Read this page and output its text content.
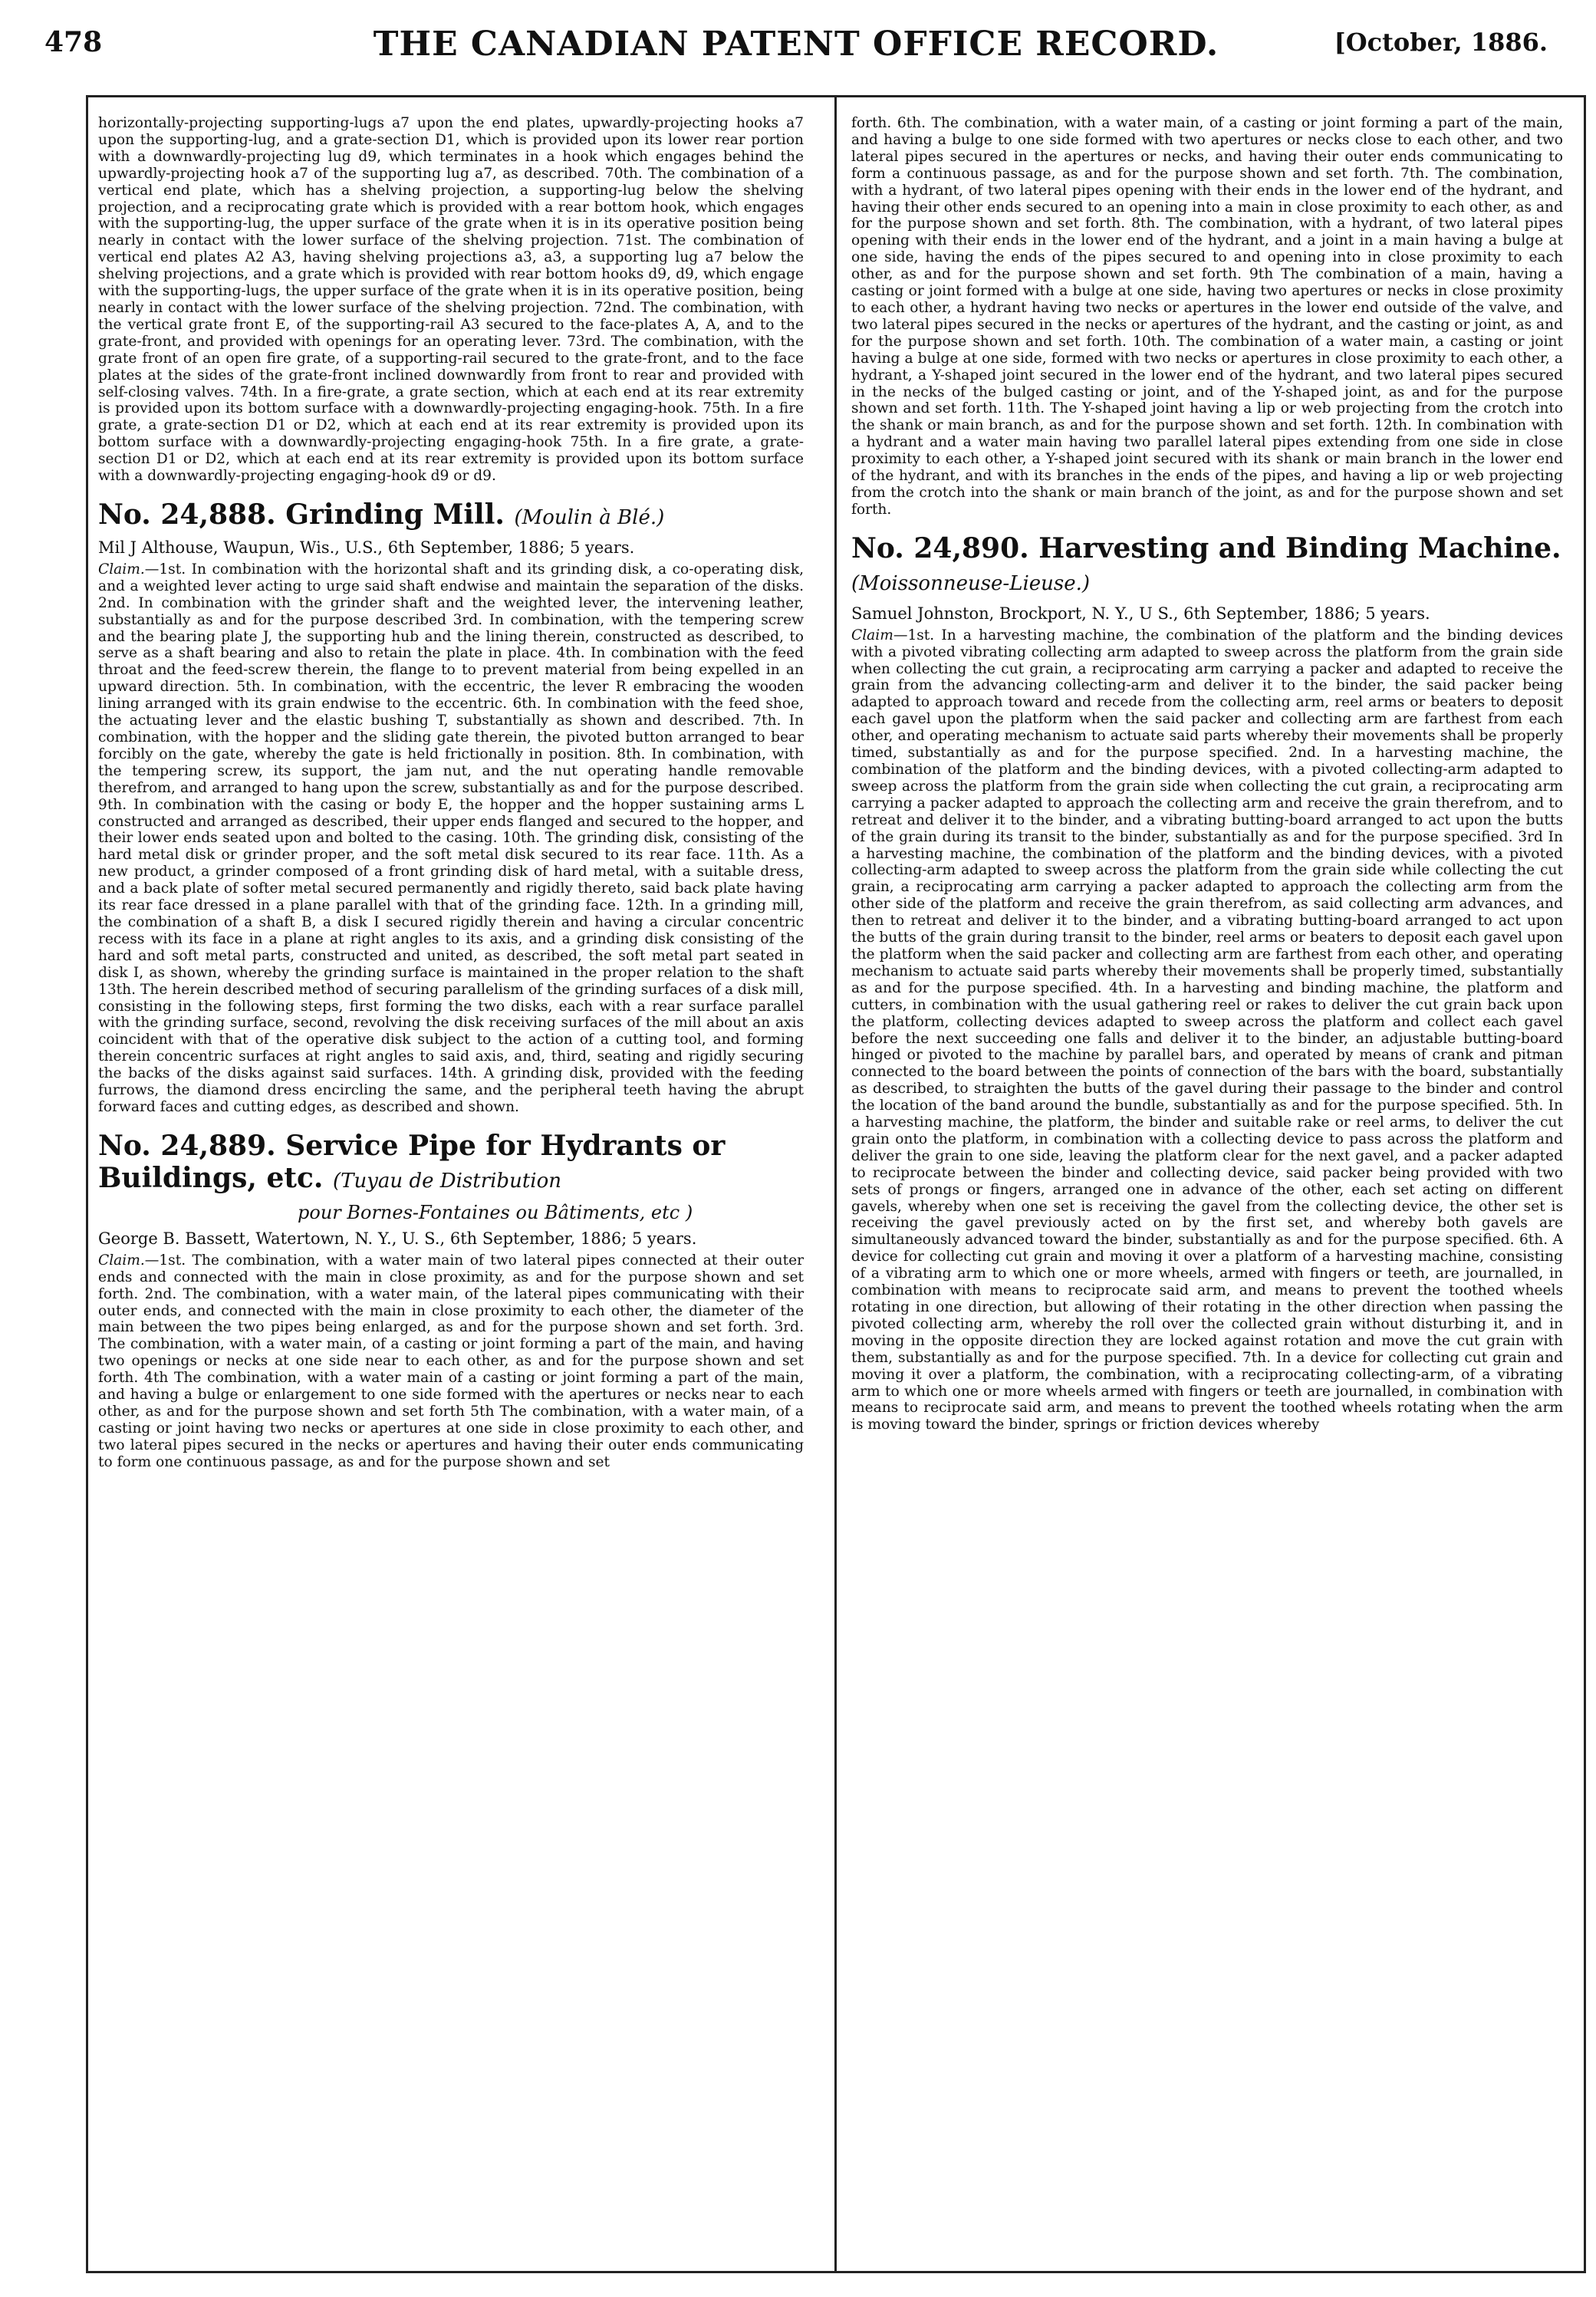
478	THE CANADIAN PATENT OFFICE RECORD.	[October, 1886.

horizontally-projecting supporting-lugs a7 upon the end plates, upwardly-projecting hooks a7 upon the supporting-lug, and a grate-section D1, which is provided upon its lower rear portion with a downwardly-projecting lug d9, which terminates in a hook which engages behind the upwardly-projecting hook a7 of the supporting lug a7, as described. 70th. The combination of a vertical end plate, which has a shelving projection, a supporting-lug below the shelving projection, and a reciprocating grate which is provided with a rear bottom hook, which engages with the supporting-lug, the upper surface of the grate when it is in its operative position being nearly in contact with the lower surface of the shelving projection. 71st. The combination of vertical end plates A2 A3, having shelving projections a3, a3, a supporting lug a7 below the shelving projections, and a grate which is provided with rear bottom hooks d9, d9, which engage with the supporting-lugs, the upper surface of the grate when it is in its operative position, being nearly in contact with the lower surface of the shelving projection. 72nd. The combination, with the vertical grate front E, of the supporting-rail A3 secured to the face-plates A, A, and to the grate-front, and provided with openings for an operating lever. 73rd. The combination, with the grate front of an open fire grate, of a supporting-rail secured to the grate-front, and to the face plates at the sides of the grate-front inclined downwardly from front to rear and provided with self-closing valves. 74th. In a fire-grate, a grate section, which at each end at its rear extremity is provided upon its bottom surface with a downwardly-projecting engaging-hook. 75th. In a fire grate, a grate-section D1 or D2, which at each end at its rear extremity is provided upon its bottom surface with a downwardly-projecting engaging-hook 75th. In a fire grate, a grate-section D1 or D2, which at each end at its rear extremity is provided upon its bottom surface with a downwardly-projecting engaging-hook d9 or d9.

No. 24,888. Grinding Mill. (Moulin à Blé.)

Mil J Althouse, Waupun, Wis., U.S., 6th September, 1886; 5 years.

Claim.—1st. In combination with the horizontal shaft and its grinding disk, a co-operating disk, and a weighted lever acting to urge said shaft endwise and maintain the separation of the disks. 2nd. In combination with the grinder shaft and the weighted lever, the intervening leather, substantially as and for the purpose described 3rd. In combination, with the tempering screw and the bearing plate J, the supporting hub and the lining therein, constructed as described, to serve as a shaft bearing and also to retain the plate in place. 4th. In combination with the feed throat and the feed-screw therein, the flange to to prevent material from being expelled in an upward direction. 5th. In combination, with the eccentric, the lever R embracing the wooden lining arranged with its grain endwise to the eccentric. 6th. In combination with the feed shoe, the actuating lever and the elastic bushing T, substantially as shown and described. 7th. In combination, with the hopper and the sliding gate therein, the pivoted button arranged to bear forcibly on the gate, whereby the gate is held frictionally in position. 8th. In combination, with the tempering screw, its support, the jam nut, and the nut operating handle removable therefrom, and arranged to hang upon the screw, substantially as and for the purpose described. 9th. In combination with the casing or body E, the hopper and the hopper sustaining arms L constructed and arranged as described, their upper ends flanged and secured to the hopper, and their lower ends seated upon and bolted to the casing. 10th. The grinding disk, consisting of the hard metal disk or grinder proper, and the soft metal disk secured to its rear face. 11th. As a new product, a grinder composed of a front grinding disk of hard metal, with a suitable dress, and a back plate of softer metal secured permanently and rigidly thereto, said back plate having its rear face dressed in a plane parallel with that of the grinding face. 12th. In a grinding mill, the combination of a shaft B, a disk I secured rigidly therein and having a circular concentric recess with its face in a plane at right angles to its axis, and a grinding disk consisting of the hard and soft metal parts, constructed and united, as described, the soft metal part seated in disk I, as shown, whereby the grinding surface is maintained in the proper relation to the shaft 13th. The herein described method of securing parallelism of the grinding surfaces of a disk mill, consisting in the following steps, first forming the two disks, each with a rear surface parallel with the grinding surface, second, revolving the disk receiving surfaces of the mill about an axis coincident with that of the operative disk subject to the action of a cutting tool, and forming therein concentric surfaces at right angles to said axis, and, third, seating and rigidly securing the backs of the disks against said surfaces. 14th. A grinding disk, provided with the feeding furrows, the diamond dress encircling the same, and the peripheral teeth having the abrupt forward faces and cutting edges, as described and shown.

No. 24,889. Service Pipe for Hydrants or Buildings, etc. (Tuyau de Distribution

pour Bornes-Fontaines ou Bâtiments, etc )

George B. Bassett, Watertown, N. Y., U. S., 6th September, 1886; 5 years.

Claim.—1st. The combination, with a water main of two lateral pipes connected at their outer ends and connected with the main in close proximity, as and for the purpose shown and set forth. 2nd. The combination, with a water main, of the lateral pipes communicating with their outer ends, and connected with the main in close proximity to each other, the diameter of the main between the two pipes being enlarged, as and for the purpose shown and set forth. 3rd. The combination, with a water main, of a casting or joint forming a part of the main, and having two openings or necks at one side near to each other, as and for the purpose shown and set forth. 4th The combination, with a water main of a casting or joint forming a part of the main, and having a bulge or enlargement to one side formed with the apertures or necks near to each other, as and for the purpose shown and set forth 5th The combination, with a water main, of a casting or joint having two necks or apertures at one side in close proximity to each other, and two lateral pipes secured in the necks or apertures and having their outer ends communicating to form one continuous passage, as and for the purpose shown and set

forth. 6th. The combination, with a water main, of a casting or joint forming a part of the main, and having a bulge to one side formed with two apertures or necks close to each other, and two lateral pipes secured in the apertures or necks, and having their outer ends communicating to form a continuous passage, as and for the purpose shown and set forth. 7th. The combination, with a hydrant, of two lateral pipes opening with their ends in the lower end of the hydrant, and having their other ends secured to an opening into a main in close proximity to each other, as and for the purpose shown and set forth. 8th. The combination, with a hydrant, of two lateral pipes opening with their ends in the lower end of the hydrant, and a joint in a main having a bulge at one side, having the ends of the pipes secured to and opening into in close proximity to each other, as and for the purpose shown and set forth. 9th The combination of a main, having a casting or joint formed with a bulge at one side, having two apertures or necks in close proximity to each other, a hydrant having two necks or apertures in the lower end outside of the valve, and two lateral pipes secured in the necks or apertures of the hydrant, and the casting or joint, as and for the purpose shown and set forth. 10th. The combination of a water main, a casting or joint having a bulge at one side, formed with two necks or apertures in close proximity to each other, a hydrant, a Y-shaped joint secured in the lower end of the hydrant, and two lateral pipes secured in the necks of the bulged casting or joint, and of the Y-shaped joint, as and for the purpose shown and set forth. 11th. The Y-shaped joint having a lip or web projecting from the crotch into the shank or main branch, as and for the purpose shown and set forth. 12th. In combination with a hydrant and a water main having two parallel lateral pipes extending from one side in close proximity to each other, a Y-shaped joint secured with its shank or main branch in the lower end of the hydrant, and with its branches in the ends of the pipes, and having a lip or web projecting from the crotch into the shank or main branch of the joint, as and for the purpose shown and set forth.

No. 24,890. Harvesting and Binding Machine. (Moissonneuse-Lieuse.)

Samuel Johnston, Brockport, N. Y., U S., 6th September, 1886; 5 years.

Claim—1st. In a harvesting machine, the combination of the platform and the binding devices with a pivoted vibrating collecting arm adapted to sweep across the platform from the grain side when collecting the cut grain, a reciprocating arm carrying a packer and adapted to receive the grain from the advancing collecting-arm and deliver it to the binder, the said packer being adapted to approach toward and recede from the collecting arm, reel arms or beaters to deposit each gavel upon the platform when the said packer and collecting arm are farthest from each other, and operating mechanism to actuate said parts whereby their movements shall be properly timed, substantially as and for the purpose specified. 2nd. In a harvesting machine, the combination of the platform and the binding devices, with a pivoted collecting-arm adapted to sweep across the platform from the grain side when collecting the cut grain, a reciprocating arm carrying a packer adapted to approach the collecting arm and receive the grain therefrom, and to retreat and deliver it to the binder, and a vibrating butting-board arranged to act upon the butts of the grain during its transit to the binder, substantially as and for the purpose specified. 3rd In a harvesting machine, the combination of the platform and the binding devices, with a pivoted collecting-arm adapted to sweep across the platform from the grain side while collecting the cut grain, a reciprocating arm carrying a packer adapted to approach the collecting arm from the other side of the platform and receive the grain therefrom, as said collecting arm advances, and then to retreat and deliver it to the binder, and a vibrating butting-board arranged to act upon the butts of the grain during transit to the binder, reel arms or beaters to deposit each gavel upon the platform when the said packer and collecting arm are farthest from each other, and operating mechanism to actuate said parts whereby their movements shall be properly timed, substantially as and for the purpose specified. 4th. In a harvesting and binding machine, the platform and cutters, in combination with the usual gathering reel or rakes to deliver the cut grain back upon the platform, collecting devices adapted to sweep across the platform and collect each gavel before the next succeeding one falls and deliver it to the binder, an adjustable butting-board hinged or pivoted to the machine by parallel bars, and operated by means of crank and pitman connected to the board between the points of connection of the bars with the board, substantially as described, to straighten the butts of the gavel during their passage to the binder and control the location of the band around the bundle, substantially as and for the purpose specified. 5th. In a harvesting machine, the platform, the binder and suitable rake or reel arms, to deliver the cut grain onto the platform, in combination with a collecting device to pass across the platform and deliver the grain to one side, leaving the platform clear for the next gavel, and a packer adapted to reciprocate between the binder and collecting device, said packer being provided with two sets of prongs or fingers, arranged one in advance of the other, each set acting on different gavels, whereby when one set is receiving the gavel from the collecting device, the other set is receiving the gavel previously acted on by the first set, and whereby both gavels are simultaneously advanced toward the binder, substantially as and for the purpose specified. 6th. A device for collecting cut grain and moving it over a platform of a harvesting machine, consisting of a vibrating arm to which one or more wheels, armed with fingers or teeth, are journalled, in combination with means to reciprocate said arm, and means to prevent the toothed wheels rotating in one direction, but allowing of their rotating in the other direction when passing the pivoted collecting arm, whereby the roll over the collected grain without disturbing it, and in moving in the opposite direction they are locked against rotation and move the cut grain with them, substantially as and for the purpose specified. 7th. In a device for collecting cut grain and moving it over a platform, the combination, with a reciprocating collecting-arm, of a vibrating arm to which one or more wheels armed with fingers or teeth are journalled, in combination with means to reciprocate said arm, and means to prevent the toothed wheels rotating when the arm is moving toward the binder, springs or friction devices whereby
